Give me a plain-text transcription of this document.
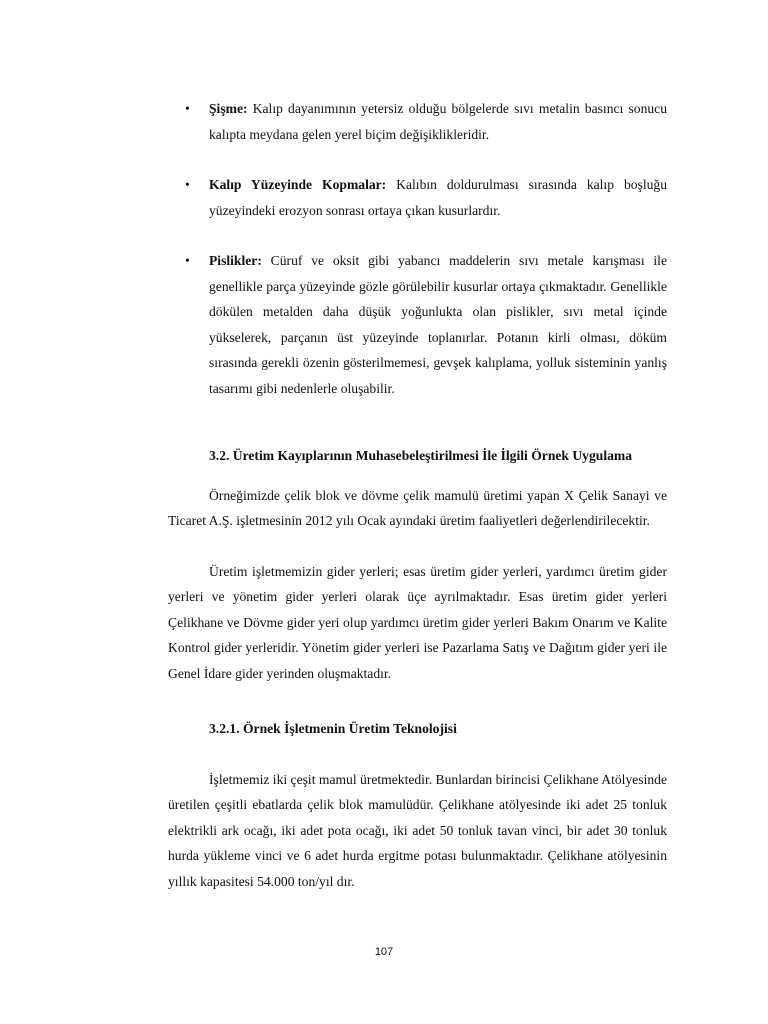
• Şişme: Kalıp dayanımının yetersiz olduğu bölgelerde sıvı metalin basıncı sonucu kalıpta meydana gelen yerel biçim değişiklikleridir.
• Kalıp Yüzeyinde Kopmalar: Kalıbın doldurulması sırasında kalıp boşluğu yüzeyindeki erozyon sonrası ortaya çıkan kusurlardır.
• Pislikler: Cüruf ve oksit gibi yabancı maddelerin sıvı metale karışması ile genellikle parça yüzeyinde gözle görülebilir kusurlar ortaya çıkmaktadır. Genellikle dökülen metalden daha düşük yoğunlukta olan pislikler, sıvı metal içinde yükselerek, parçanın üst yüzeyinde toplanırlar. Potanın kirli olması, döküm sırasında gerekli özenin gösterilmemesi, gevşek kalıplama, yolluk sisteminin yanlış tasarımı gibi nedenlerle oluşabilir.
3.2. Üretim Kayıplarının Muhasebeleştirilmesi İle İlgili Örnek Uygulama

Örneğimizde çelik blok ve dövme çelik mamulü üretimi yapan X Çelik Sanayi ve Ticaret A.Ş. işletmesinin 2012 yılı Ocak ayındaki üretim faaliyetleri değerlendirilecektir.

Üretim işletmemizin gider yerleri; esas üretim gider yerleri, yardımcı üretim gider yerleri ve yönetim gider yerleri olarak üçe ayrılmaktadır. Esas üretim gider yerleri Çelikhane ve Dövme gider yeri olup yardımcı üretim gider yerleri Bakım Onarım ve Kalite Kontrol gider yerleridir. Yönetim gider yerleri ise Pazarlama Satış ve Dağıtım gider yeri ile Genel İdare gider yerinden oluşmaktadır.

3.2.1. Örnek İşletmenin Üretim Teknolojisi

İşletmemiz iki çeşit mamul üretmektedir. Bunlardan birincisi Çelikhane Atölyesinde üretilen çeşitli ebatlarda çelik blok mamulüdür. Çelikhane atölyesinde iki adet 25 tonluk elektrikli ark ocağı, iki adet pota ocağı, iki adet 50 tonluk tavan vinci, bir adet 30 tonluk hurda yükleme vinci ve 6 adet hurda ergitme potası bulunmaktadır. Çelikhane atölyesinin yıllık kapasitesi 54.000 ton/yıl dır.

107
